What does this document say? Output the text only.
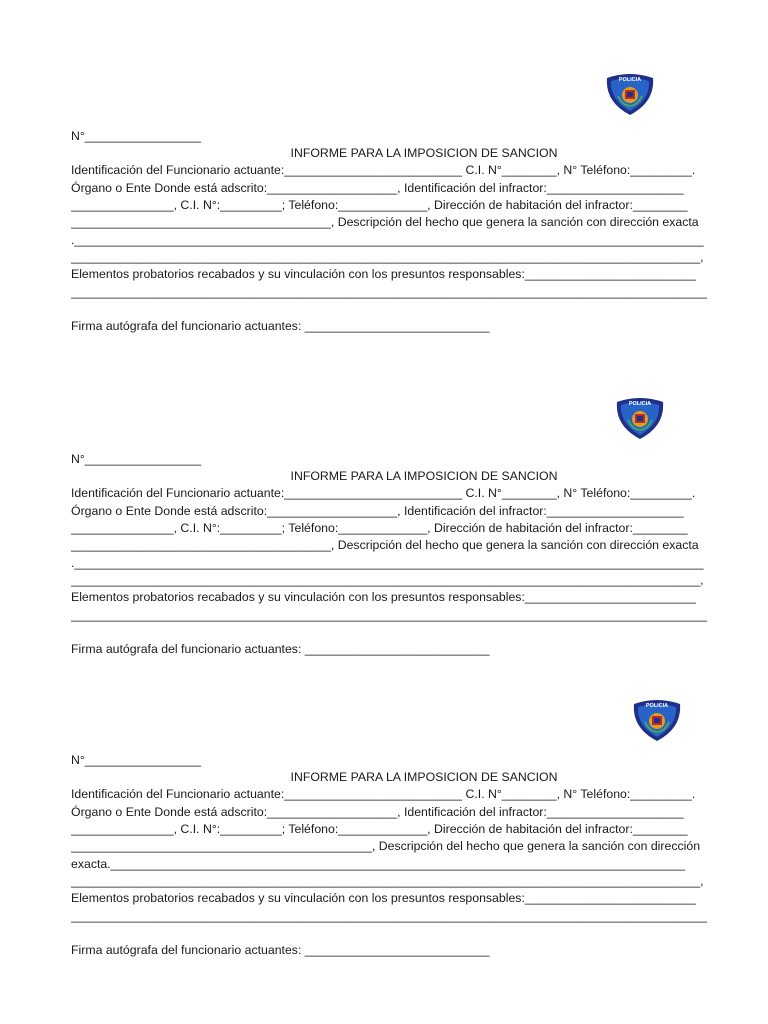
POLICIA
N°_________________
INFORME PARA LA IMPOSICION DE SANCION
Identificación del Funcionario actuante:__________________________ C.I. N°________, N° Teléfono:_________.
Órgano o Ente Donde está adscrito:___________________, Identificación del infractor:____________________
_______________, C.I. N°:_________; Teléfono:_____________, Dirección de habitación del infractor:________
______________________________________, Descripción del hecho que genera la sanción con dirección exacta
.____________________________________________________________________________________________
____________________________________________________________________________________________,
Elementos probatorios recabados y su vinculación con los presuntos responsables:_________________________
_____________________________________________________________________________________________
Firma autógrafa del funcionario actuantes: ___________________________
POLICIA
N°_________________
INFORME PARA LA IMPOSICION DE SANCION
Identificación del Funcionario actuante:__________________________ C.I. N°________, N° Teléfono:_________.
Órgano o Ente Donde está adscrito:___________________, Identificación del infractor:____________________
_______________, C.I. N°:_________; Teléfono:_____________, Dirección de habitación del infractor:________
______________________________________, Descripción del hecho que genera la sanción con dirección exacta
.____________________________________________________________________________________________
____________________________________________________________________________________________,
Elementos probatorios recabados y su vinculación con los presuntos responsables:_________________________
_____________________________________________________________________________________________
Firma autógrafa del funcionario actuantes: ___________________________
POLICIA
N°_________________
INFORME PARA LA IMPOSICION DE SANCION
Identificación del Funcionario actuante:__________________________ C.I. N°________, N° Teléfono:_________.
Órgano o Ente Donde está adscrito:___________________, Identificación del infractor:____________________
_______________, C.I. N°:_________; Teléfono:_____________, Dirección de habitación del infractor:________
____________________________________________, Descripción del hecho que genera la sanción con dirección
exacta.____________________________________________________________________________________
____________________________________________________________________________________________,
Elementos probatorios recabados y su vinculación con los presuntos responsables:_________________________
_____________________________________________________________________________________________
Firma autógrafa del funcionario actuantes: ___________________________
